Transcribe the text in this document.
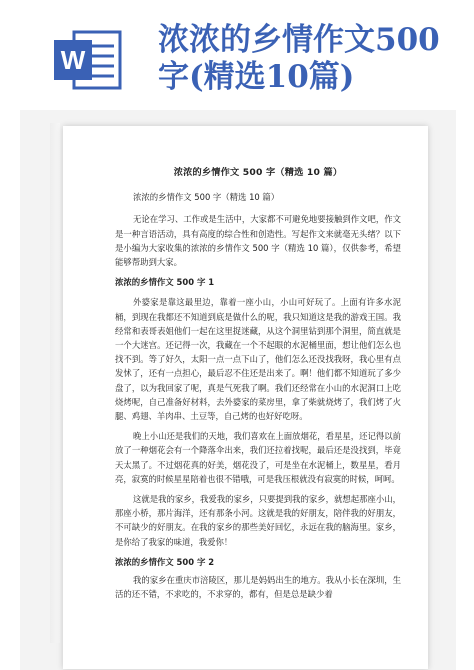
W
浓浓的乡情作文500字(精选10篇)

浓浓的乡情作文 500 字（精选 10 篇）

浓浓的乡情作文 500 字（精选 10 篇）

无论在学习、工作或是生活中，大家都不可避免地要接触到作文吧，作文是一种言语活动，具有高度的综合性和创造性。写起作文来就毫无头绪？以下是小编为大家收集的浓浓的乡情作文 500 字（精选 10 篇），仅供参考，希望能够帮助到大家。

浓浓的乡情作文 500 字 1

外婆家是靠这最里边，靠着一座小山，小山可好玩了。上面有许多水泥桶，到现在我都还不知道到底是做什么的呢，我只知道这是我的游戏王国。我经常和表哥表姐他们一起在这里捉迷藏，从这个洞里钻到那个洞里，简直就是一个大迷宫。还记得一次，我藏在一个不起眼的水泥桶里面，想让他们怎么也找不到。等了好久，太阳一点一点下山了，他们怎么还没找我呀，我心里有点发怵了，还有一点担心，最后忍不住还是出来了。啊！他们都不知道玩了多少盘了，以为我回家了呢，真是气死我了啊。我们还经常在小山的水泥洞口上吃烧烤呢，自己准备好材料，去外婆家的菜房里，拿了柴就烧烤了，我们烤了火腿、鸡翅、羊肉串、土豆等，自己烤的也好好吃呀。

晚上小山还是我们的天地，我们喜欢在上面放烟花，看星星，还记得以前放了一种烟花会有一个降落伞出来，我们还拉着找呢，最后还是没找到，毕竟天太黑了。不过烟花真的好美，烟花没了，可是坐在水泥桶上，数星星，看月亮，寂寞的时候星星陪着也很不错哦，可是我压根就没有寂寞的时候，呵呵。

这就是我的家乡，我爱我的家乡，只要提到我的家乡，就想起那座小山，那座小桥，那片海洋，还有那条小河。这就是我的好朋友，陪伴我的好朋友，不可缺少的好朋友。在我的家乡的那些美好回忆，永远在我的脑海里。家乡，是你给了我家的味道，我爱你！

浓浓的乡情作文 500 字 2

我的家乡在重庆市涪陵区，那儿是妈妈出生的地方。我从小长在深圳，生活的还不错，不求吃的，不求穿的，都有，但是总是缺少着
